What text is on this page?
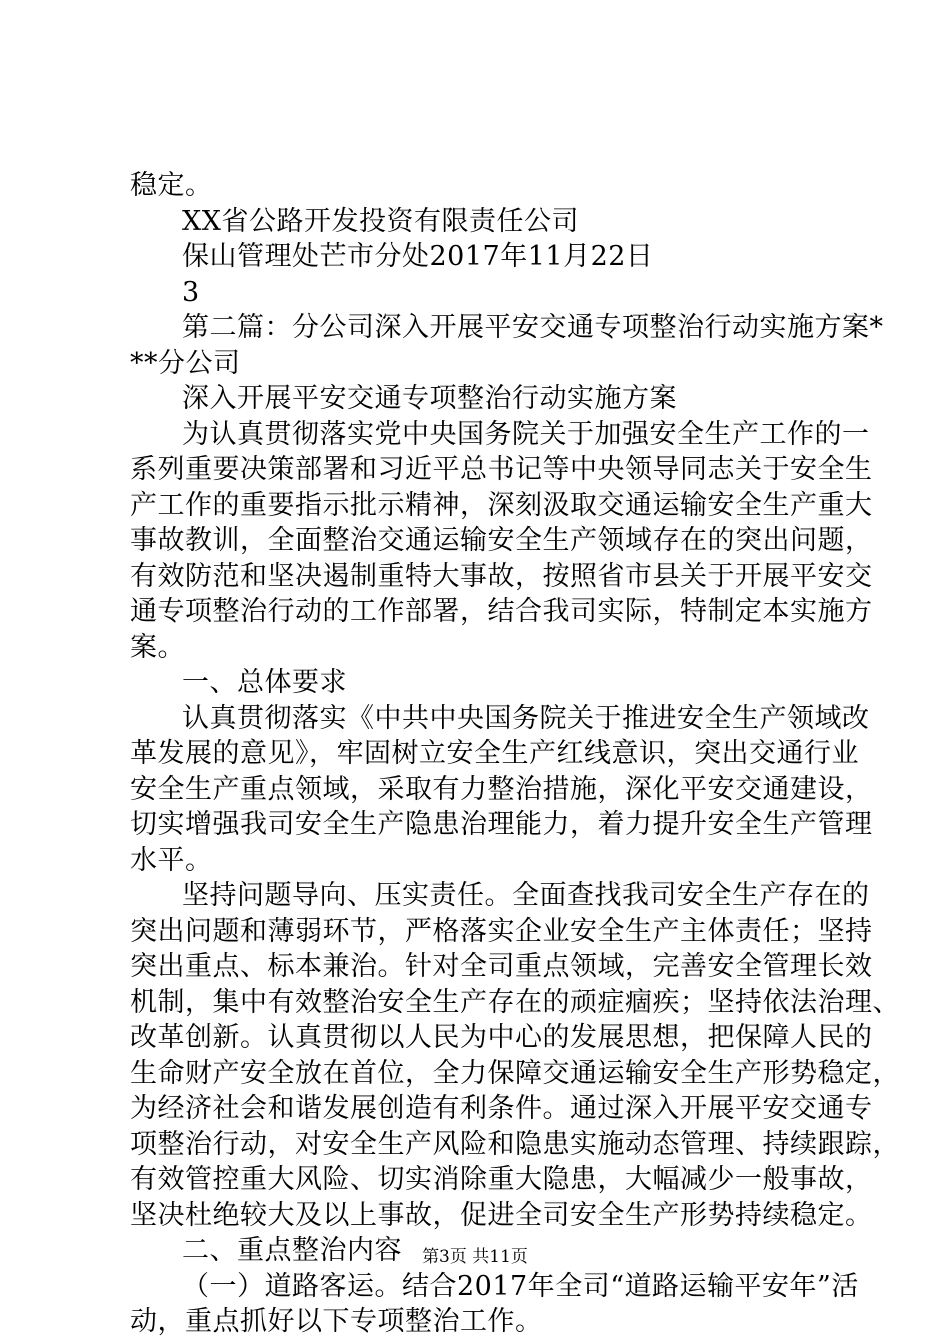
稳定。
XX省公路开发投资有限责任公司
保山管理处芒市分处2017年11月22日
3
第二篇：分公司深入开展平安交通专项整治行动实施方案*
**分公司
深入开展平安交通专项整治行动实施方案
为认真贯彻落实党中央国务院关于加强安全生产工作的一
系列重要决策部署和习近平总书记等中央领导同志关于安全生
产工作的重要指示批示精神，深刻汲取交通运输安全生产重大
事故教训，全面整治交通运输安全生产领域存在的突出问题，
有效防范和坚决遏制重特大事故，按照省市县关于开展平安交
通专项整治行动的工作部署，结合我司实际，特制定本实施方
案。
一、总体要求
认真贯彻落实《中共中央国务院关于推进安全生产领域改
革发展的意见》，牢固树立安全生产红线意识，突出交通行业
安全生产重点领域，采取有力整治措施，深化平安交通建设，
切实增强我司安全生产隐患治理能力，着力提升安全生产管理
水平。
坚持问题导向、压实责任。全面查找我司安全生产存在的
突出问题和薄弱环节，严格落实企业安全生产主体责任；坚持
突出重点、标本兼治。针对全司重点领域，完善安全管理长效
机制，集中有效整治安全生产存在的顽症痼疾；坚持依法治理、
改革创新。认真贯彻以人民为中心的发展思想，把保障人民的
生命财产安全放在首位，全力保障交通运输安全生产形势稳定，
为经济社会和谐发展创造有利条件。通过深入开展平安交通专
项整治行动，对安全生产风险和隐患实施动态管理、持续跟踪，
有效管控重大风险、切实消除重大隐患，大幅减少一般事故，
坚决杜绝较大及以上事故，促进全司安全生产形势持续稳定。
二、重点整治内容
（一）道路客运。结合2017年全司“道路运输平安年”活
动，重点抓好以下专项整治工作。
第3页 共11页
